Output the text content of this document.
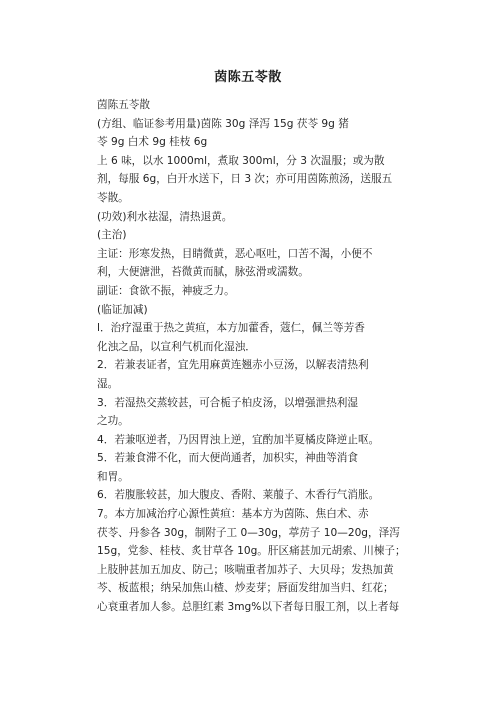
茵陈五苓散
茵陈五苓散
(方组、临证参考用量)茵陈 30g 泽泻 15g 茯苓 9g 猪
苓 9g 白术 9g 桂枝 6g
上 6 味，以水 1000ml，煮取 300ml，分 3 次温服；或为散
剂，每服 6g，白开水送下，日 3 次；亦可用茵陈煎汤，送服五
苓散。
(功效)利水祛湿，清热退黄。
(主治)
主证：形寒发热，目睛微黄，恶心呕吐，口苦不渴，小便不
利，大便溏泄，苔微黄而腻，脉弦滑或濡数。
副证：食欲不振，神疲乏力。
(临证加减)
l．治疗湿重于热之黄疸，本方加藿香，蔻仁，佩兰等芳香
化浊之品，以宣利气机而化湿浊．
2．若兼表证者，宜先用麻黄连翘赤小豆汤，以解表清热利
湿。
3．若湿热交蒸较甚，可合栀子柏皮汤，以增强泄热利湿
之功。
4．若兼呕逆者，乃因胃浊上逆，宜酌加半夏橘皮降逆止呕。
5．若兼食滞不化，而大便尚通者，加枳实，神曲等消食
和胃。
6．若腹胀较甚，加大腹皮、香附、莱菔子、木香行气消胀。
7。本方加减治疗心源性黄疸：基本方为茵陈、焦白术、赤
茯苓、丹参各 30g，制附子工 0—30g，葶苈子 10—20g，泽泻
15g，党参、桂枝、炙甘草各 10g。肝区痛甚加元胡索、川楝子；
上肢肿甚加五加皮、防己；咳喘重者加苏子、大贝母；发热加黄
芩、板蓝根；纳呆加焦山楂、炒麦芽；唇面发绀加当归、红花；
心衰重者加人参。总胆红素 3mg%以下者每日服工剂，以上者每
